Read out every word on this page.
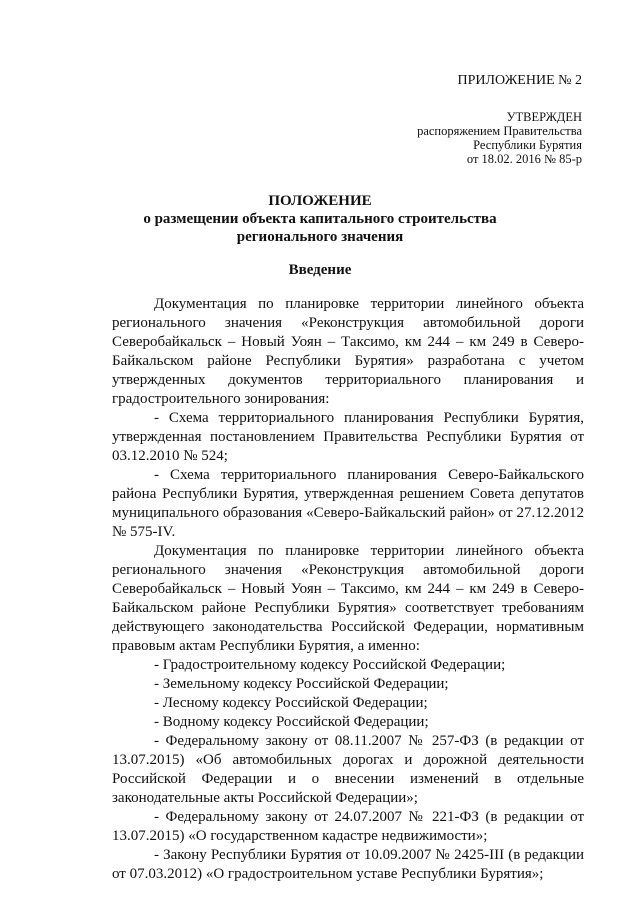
ПРИЛОЖЕНИЕ № 2
УТВЕРЖДЕН
распоряжением Правительства
Республики Бурятия
от 18.02. 2016 № 85-р
ПОЛОЖЕНИЕ
о размещении объекта капитального строительства
регионального значения
Введение

Документация по планировке территории линейного объекта регионального значения «Реконструкция автомобильной дороги Северобайкальск – Новый Уоян – Таксимо, км 244 – км 249 в Северо-Байкальском районе Республики Бурятия» разработана с учетом утвержденных документов территориального планирования и градостроительного зонирования:

- Схема территориального планирования Республики Бурятия, утвержденная постановлением Правительства Республики Бурятия от 03.12.2010 № 524;

- Схема территориального планирования Северо-Байкальского района Республики Бурятия, утвержденная решением Совета депутатов муниципального образования «Северо-Байкальский район» от 27.12.2012 № 575-IV.

Документация по планировке территории линейного объекта регионального значения «Реконструкция автомобильной дороги Северобайкальск – Новый Уоян – Таксимо, км 244 – км 249 в Северо-Байкальском районе Республики Бурятия» соответствует требованиям действующего законодательства Российской Федерации, нормативным правовым актам Республики Бурятия, а именно:

- Градостроительному кодексу Российской Федерации;

- Земельному кодексу Российской Федерации;

- Лесному кодексу Российской Федерации;

- Водному кодексу Российской Федерации;

- Федеральному закону от 08.11.2007 № 257-ФЗ (в редакции от 13.07.2015) «Об автомобильных дорогах и дорожной деятельности Российской Федерации и о внесении изменений в отдельные законодательные акты Российской Федерации»;

- Федеральному закону от 24.07.2007 № 221-ФЗ (в редакции от 13.07.2015) «О государственном кадастре недвижимости»;

- Закону Республики Бурятия от 10.09.2007 № 2425-III (в редакции от 07.03.2012) «О градостроительном уставе Республики Бурятия»;
